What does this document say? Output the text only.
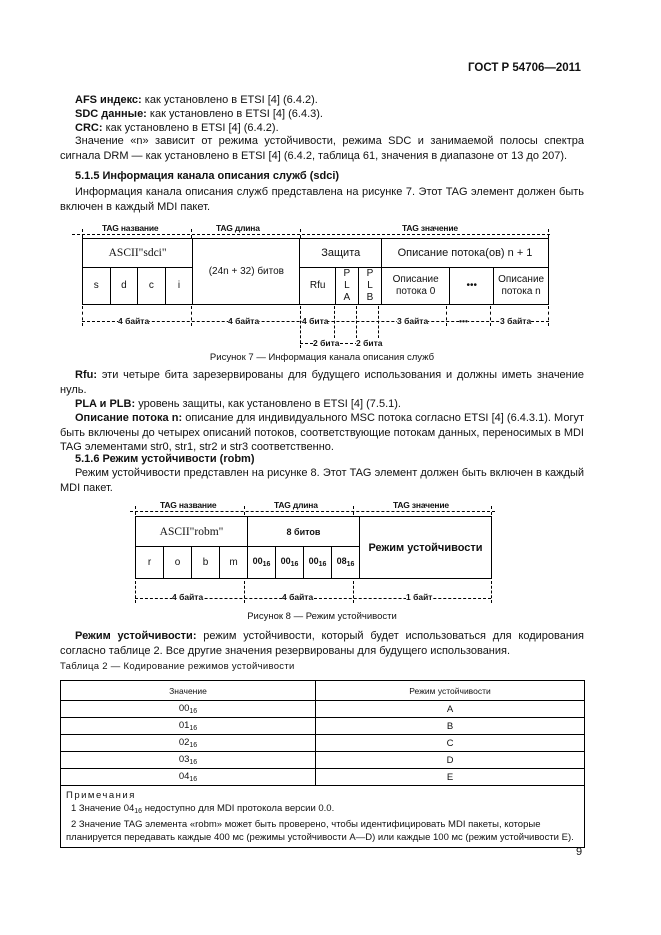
ГОСТ Р 54706—2011
AFS индекс: как установлено в ETSI [4] (6.4.2).
SDC данные: как установлено в ETSI [4] (6.4.3).
CRC: как установлено в ETSI [4] (6.4.2).

Значение «n» зависит от режима устойчивости, режима SDC и занимаемой полосы спектра сигнала DRM — как установлено в ETSI [4] (6.4.2, таблица 61, значения в диапазоне от 13 до 207).

5.1.5 Информация канала описания служб (sdci)

Информация канала описания служб представлена на рисунке 7. Этот TAG элемент должен быть включен в каждый MDI пакет.

TAG название	TAG длина	TAG значение
ASCII"sdci"				(24n + 32) битов	Защита			Описание потока(ов) n + 1		
s	d	c	i		Rfu	P L A	P L B	Описание потока 0	•••	Описание потока n
4 байта	4 байта	4 бита	3 байта	•••	3 байта
2 бита 2 бита
Рисунок 7 — Информация канала описания служб

Rfu: эти четыре бита зарезервированы для будущего использования и должны иметь значение нуль.

PLA и PLB: уровень защиты, как установлено в ETSI [4] (7.5.1).

Описание потока n: описание для индивидуального MSC потока согласно ETSI [4] (6.4.3.1). Могут быть включены до четырех описаний потоков, соответствующие потокам данных, переносимых в MDI TAG элементами str0, str1, str2 и str3 соответственно.

5.1.6 Режим устойчивости (robm)

Режим устойчивости представлен на рисунке 8. Этот TAG элемент должен быть включен в каждый MDI пакет.

TAG название	TAG длина	TAG значение
ASCII"robm"				8 битов				Режим устойчивости
r	o	b	m	$00_{16}$	$00_{16}$	$00_{16}$	$08_{16}$
4 байта	4 байта	1 байт
Рисунок 8 — Режим устойчивости

Режим устойчивости: режим устойчивости, который будет использоваться для кодирования согласно таблице 2. Все другие значения резервированы для будущего использования.

Таблица 2 — Кодирование режимов устойчивости
Значение	Режим устойчивости
$00_{16}$	A
$01_{16}$	B
$02_{16}$	C
$03_{16}$	D
$04_{16}$	E

Примечания
1 Значение $04_{16}$ недоступно для MDI протокола версии 0.0.
2 Значение TAG элемента «robm» может быть проверено, чтобы идентифицировать MDI пакеты, которые планируется передавать каждые 400 мс (режимы устойчивости A—D) или каждые 100 мс (режим устойчивости E).	
9
